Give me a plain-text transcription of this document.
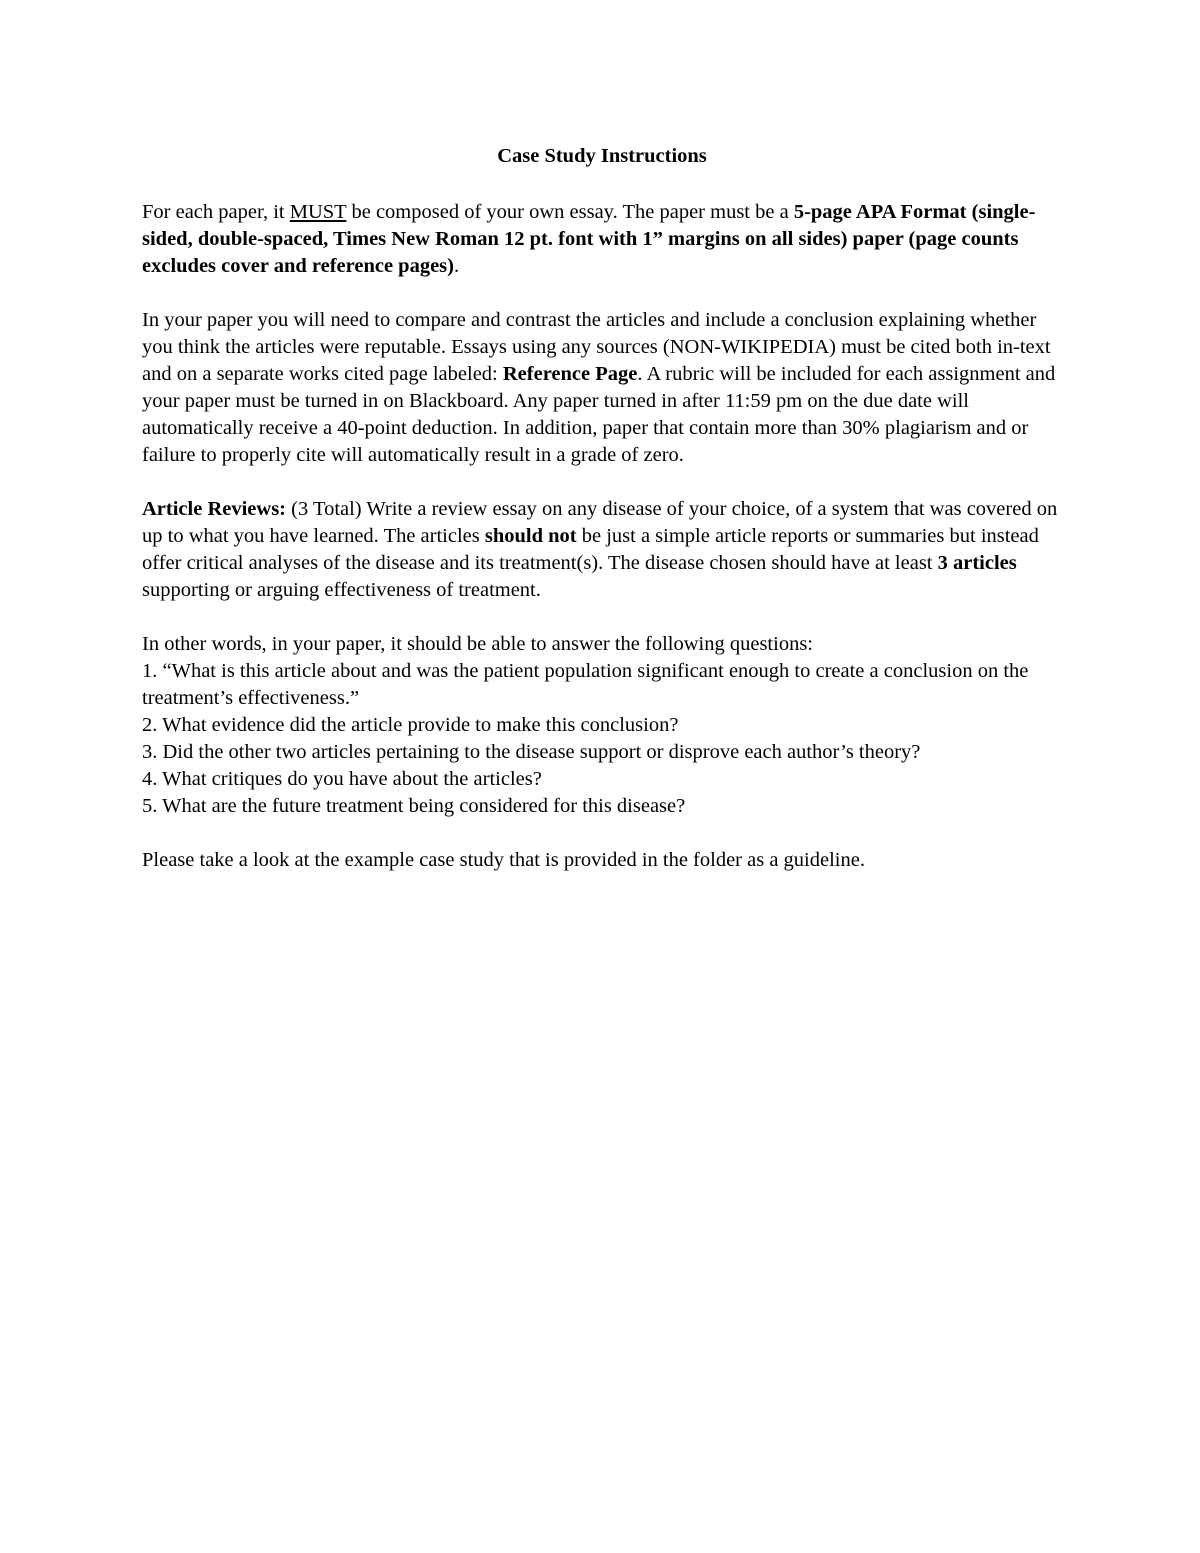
Case Study Instructions

For each paper, it MUST be composed of your own essay. The paper must be a 5-page APA Format (single-sided, double-spaced, Times New Roman 12 pt. font with 1” margins on all sides) paper (page counts excludes cover and reference pages).

In your paper you will need to compare and contrast the articles and include a conclusion explaining whether you think the articles were reputable. Essays using any sources (NON-WIKIPEDIA) must be cited both in-text and on a separate works cited page labeled: Reference Page. A rubric will be included for each assignment and your paper must be turned in on Blackboard. Any paper turned in after 11:59 pm on the due date will automatically receive a 40-point deduction. In addition, paper that contain more than 30% plagiarism and or failure to properly cite will automatically result in a grade of zero.

Article Reviews: (3 Total) Write a review essay on any disease of your choice, of a system that was covered on up to what you have learned. The articles should not be just a simple article reports or summaries but instead offer critical analyses of the disease and its treatment(s). The disease chosen should have at least 3 articles supporting or arguing effectiveness of treatment.

In other words, in your paper, it should be able to answer the following questions:
1. “What is this article about and was the patient population significant enough to create a conclusion on the treatment’s effectiveness.”
2. What evidence did the article provide to make this conclusion?
3. Did the other two articles pertaining to the disease support or disprove each author’s theory?
4. What critiques do you have about the articles?
5. What are the future treatment being considered for this disease?

Please take a look at the example case study that is provided in the folder as a guideline.
